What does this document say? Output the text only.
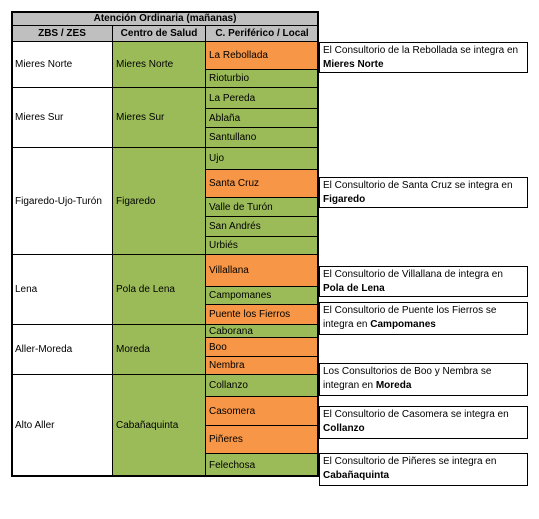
Atención Ordinaria (mañanas)
ZBS / ZES	Centro de Salud	C. Periférico / Local
Mieres Norte	Mieres Norte
La Rebollada
Rioturbio
Mieres Sur	Mieres Sur
La Pereda
Ablaña
Santullano
Figaredo-Ujo-Turón	Figaredo
Ujo
Santa Cruz
Valle de Turón
San Andrés
Urbiés
Lena	Pola de Lena
Villallana
Campomanes
Puente los Fierros
Aller-Moreda	Moreda
Caborana
Boo
Nembra
Alto Aller	Cabañaquinta
Collanzo
Casomera
Piñeres
Felechosa
El Consultorio de la Rebollada se integra en Mieres Norte
El Consultorio de Santa Cruz se integra en Figaredo
El Consultorio de Villallana de integra en Pola de Lena
El Consultorio de Puente los Fierros se integra en Campomanes
Los Consultorios de Boo y Nembra se integran en Moreda
El Consultorio de Casomera se integra en Collanzo
El Consultorio de Piñeres se integra en Cabañaquinta
